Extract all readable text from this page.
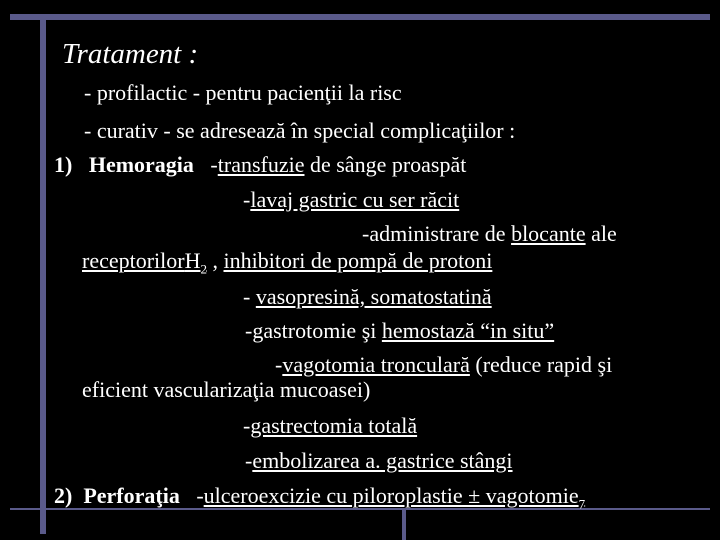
Tratament :
- profilactic - pentru pacienţii la risc
- curativ - se adresează în special complicaţiilor :
1) Hemoragia -transfuzie de sânge proaspăt
-lavaj gastric cu ser răcit
-administrare de blocante ale
receptorilorH$_2$ , inhibitori de pompă de protoni
- vasopresină, somatostatină
-gastrotomie şi hemostază “in situ”
-vagotomia tronculară (reduce rapid şi
eficient vascularizaţia mucoasei)
-gastrectomia totală
-embolizarea a. gastrice stângi
2) Perforaţia -ulceroexcizie cu piloroplastie ± vagotomie$_7$
